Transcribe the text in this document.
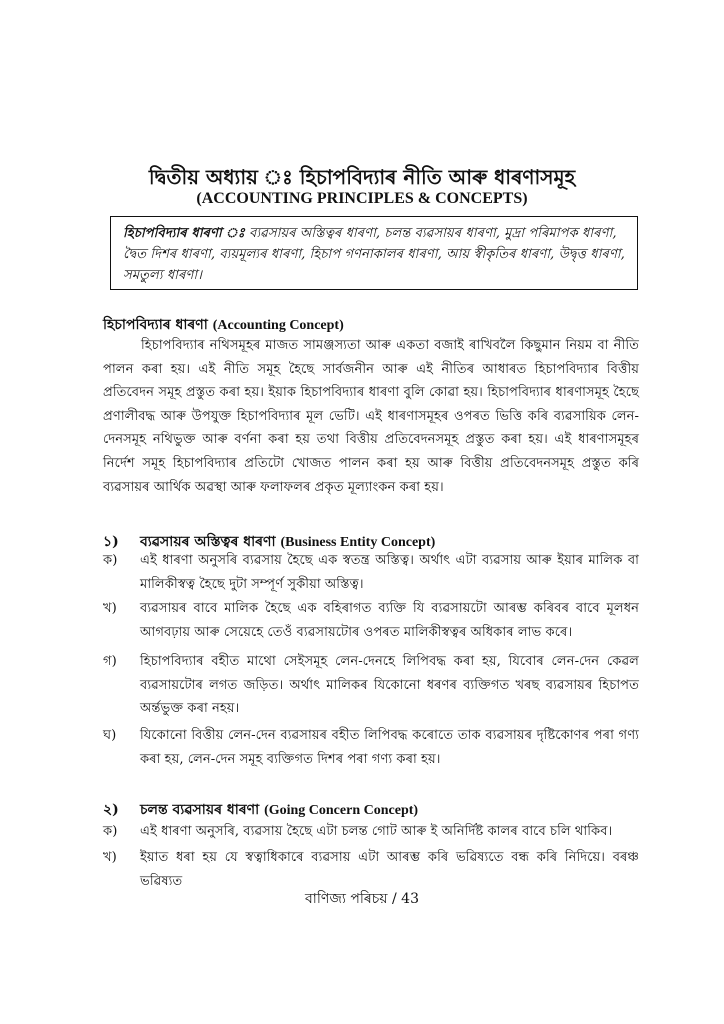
দ্বিতীয় অধ্যায় ঃ হিচাপবিদ্যাৰ নীতি আৰু ধাৰণাসমূহ
(ACCOUNTING PRINCIPLES & CONCEPTS)
হিচাপবিদ্যাৰ ধাৰণা ঃ ব্যৱসায়ৰ অস্তিত্বৰ ধাৰণা, চলন্ত ব্যৱসায়ৰ ধাৰণা, মুদ্ৰা পৰিমাপক ধাৰণা, দ্বৈত দিশৰ ধাৰণা, ব্যয়মূল্যৰ ধাৰণা, হিচাপ গণনাকালৰ ধাৰণা, আয় স্বীকৃতিৰ ধাৰণা, উদ্বৃত্ত ধাৰণা, সমতুল্য ধাৰণা।
হিচাপবিদ্যাৰ ধাৰণা (Accounting Concept)
হিচাপবিদ্যাৰ নথিসমূহৰ মাজত সামঞ্জস্যতা আৰু একতা বজাই ৰাখিবলৈ কিছুমান নিয়ম বা নীতি পালন কৰা হয়। এই নীতি সমূহ হৈছে সাৰ্বজনীন আৰু এই নীতিৰ আধাৰত হিচাপবিদ্যাৰ বিত্তীয় প্ৰতিবেদন সমূহ প্ৰস্তুত কৰা হয়। ইয়াক হিচাপবিদ্যাৰ ধাৰণা বুলি কোৱা হয়। হিচাপবিদ্যাৰ ধাৰণাসমূহ হৈছে প্ৰণালীবদ্ধ আৰু উপযুক্ত হিচাপবিদ্যাৰ মূল ভেটি। এই ধাৰণাসমূহৰ ওপৰত ভিত্তি কৰি ব্যৱসায়িক লেন-দেনসমূহ নথিভুক্ত আৰু বৰ্ণনা কৰা হয় তথা বিত্তীয় প্ৰতিবেদনসমূহ প্ৰস্তুত কৰা হয়। এই ধাৰণাসমূহৰ নিৰ্দেশ সমূহ হিচাপবিদ্যাৰ প্ৰতিটো খোজত পালন কৰা হয় আৰু বিত্তীয় প্ৰতিবেদনসমূহ প্ৰস্তুত কৰি ব্যৱসায়ৰ আৰ্থিক অৱস্থা আৰু ফলাফলৰ প্ৰকৃত মূল্যাংকন কৰা হয়।
১)	ব্যৱসায়ৰ অস্তিত্বৰ ধাৰণা (Business Entity Concept)
ক)	এই ধাৰণা অনুসৰি ব্যৱসায় হৈছে এক স্বতন্ত্ৰ অস্তিত্ব। অৰ্থাৎ এটা ব্যৱসায় আৰু ইয়াৰ মালিক বা মালিকীস্বত্ব হৈছে দুটা সম্পূৰ্ণ সুকীয়া অস্তিত্ব।
খ)	ব্যৱসায়ৰ বাবে মালিক হৈছে এক বহিৰাগত ব্যক্তি যি ব্যৱসায়টো আৰম্ভ কৰিবৰ বাবে মূলধন আগবঢ়ায় আৰু সেয়েহে তেওঁ ব্যৱসায়টোৰ ওপৰত মালিকীস্বত্বৰ অধিকাৰ লাভ কৰে।
গ)	হিচাপবিদ্যাৰ বহীত মাথো সেইসমূহ লেন-দেনহে লিপিবদ্ধ কৰা হয়, যিবোৰ লেন-দেন কেৱল ব্যৱসায়টোৰ লগত জড়িত। অৰ্থাৎ মালিকৰ যিকোনো ধৰণৰ ব্যক্তিগত খৰছ ব্যৱসায়ৰ হিচাপত অৰ্ন্তভুক্ত কৰা নহয়।
ঘ)	যিকোনো বিত্তীয় লেন-দেন ব্যৱসায়ৰ বহীত লিপিবদ্ধ কৰোতে তাক ব্যৱসায়ৰ দৃষ্টিকোণৰ পৰা গণ্য কৰা হয়, লেন-দেন সমূহ ব্যক্তিগত দিশৰ পৰা গণ্য কৰা হয়।
২)	চলন্ত ব্যৱসায়ৰ ধাৰণা (Going Concern Concept)
ক)	এই ধাৰণা অনুসৰি, ব্যৱসায় হৈছে এটা চলন্ত গোট আৰু ই অনিৰ্দিষ্ট কালৰ বাবে চলি থাকিব।
খ)	ইয়াত ধৰা হয় যে স্বত্বাধিকাৰে ব্যৱসায় এটা আৰম্ভ কৰি ভৱিষ্যতে বন্ধ কৰি নিদিয়ে। বৰঞ্চ ভৱিষ্যত
বাণিজ্য পৰিচয় / 43
